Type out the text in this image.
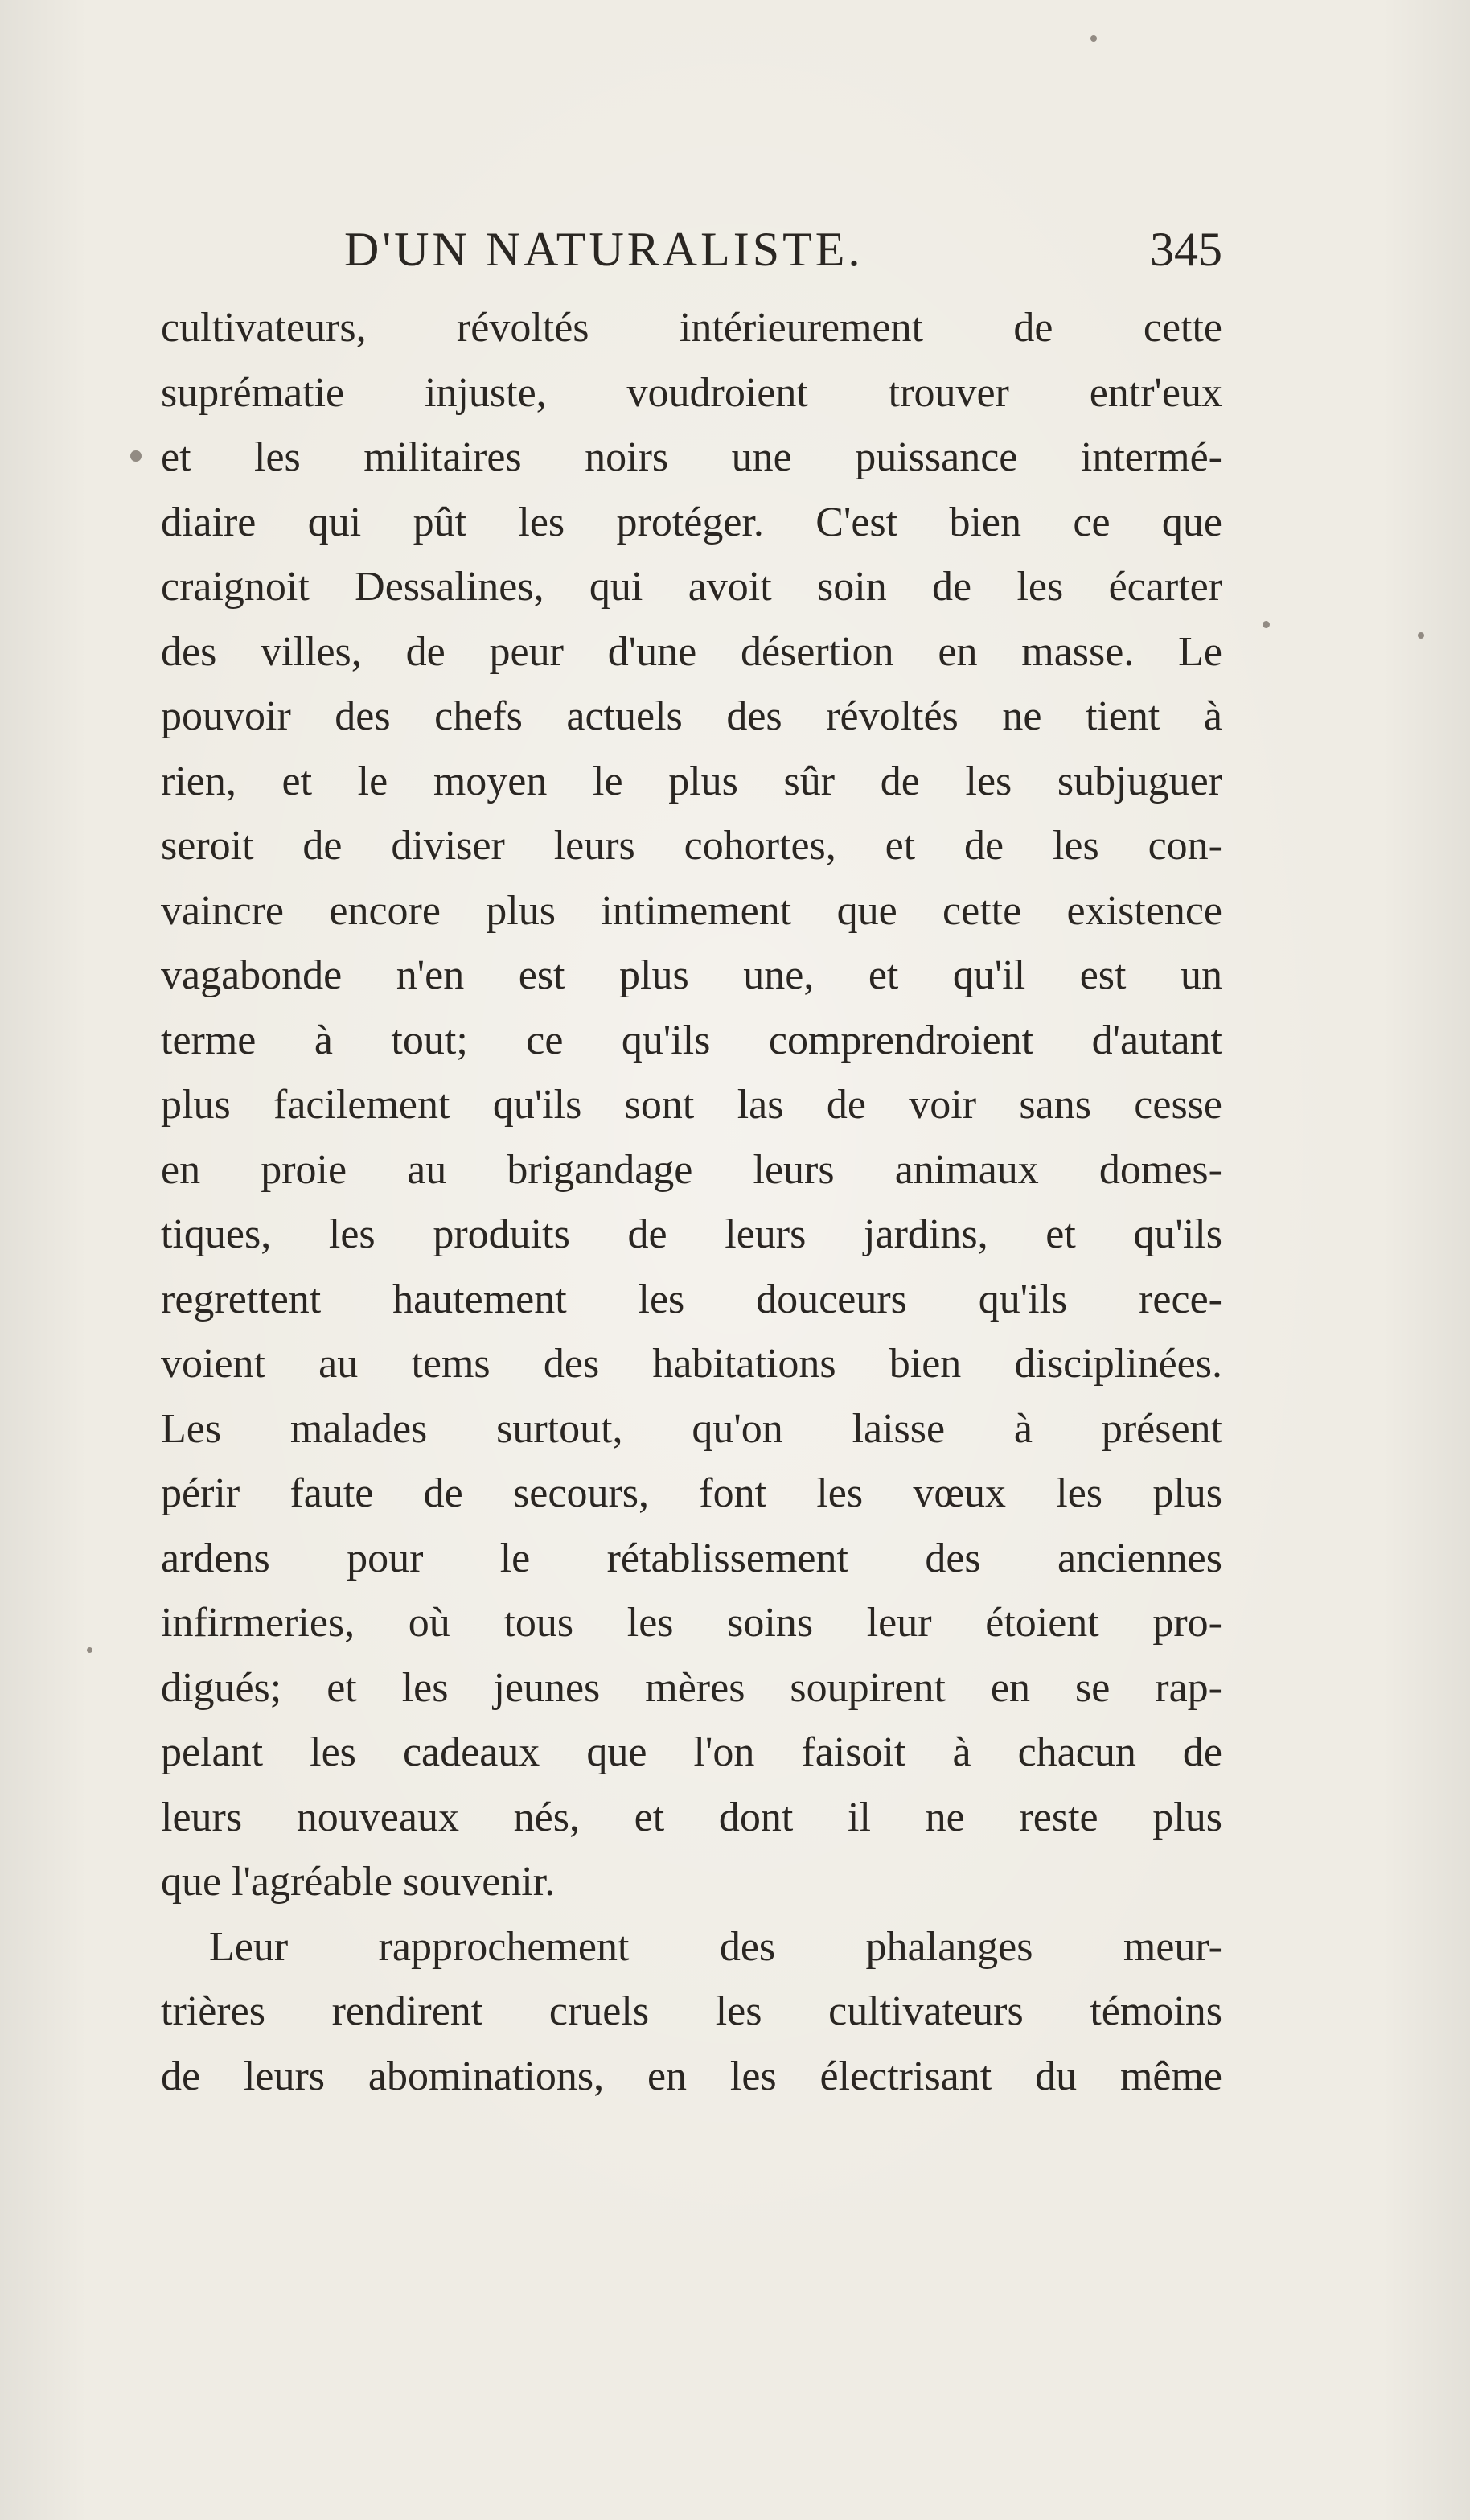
D'UN NATURALISTE.	345
cultivateurs, révoltés intérieurement de cette
suprématie injuste, voudroient trouver entr'eux
et les militaires noirs une puissance intermé-
diaire qui pût les protéger. C'est bien ce que
craignoit Dessalines, qui avoit soin de les écarter
des villes, de peur d'une désertion en masse. Le
pouvoir des chefs actuels des révoltés ne tient à
rien, et le moyen le plus sûr de les subjuguer
seroit de diviser leurs cohortes, et de les con-
vaincre encore plus intimement que cette existence
vagabonde n'en est plus une, et qu'il est un
terme à tout; ce qu'ils comprendroient d'autant
plus facilement qu'ils sont las de voir sans cesse
en proie au brigandage leurs animaux domes-
tiques, les produits de leurs jardins, et qu'ils
regrettent hautement les douceurs qu'ils rece-
voient au tems des habitations bien disciplinées.
Les malades surtout, qu'on laisse à présent
périr faute de secours, font les vœux les plus
ardens pour le rétablissement des anciennes
infirmeries, où tous les soins leur étoient pro-
digués; et les jeunes mères soupirent en se rap-
pelant les cadeaux que l'on faisoit à chacun de
leurs nouveaux nés, et dont il ne reste plus
que l'agréable souvenir.
Leur rapprochement des phalanges meur-
trières rendirent cruels les cultivateurs témoins
de leurs abominations, en les électrisant du même
